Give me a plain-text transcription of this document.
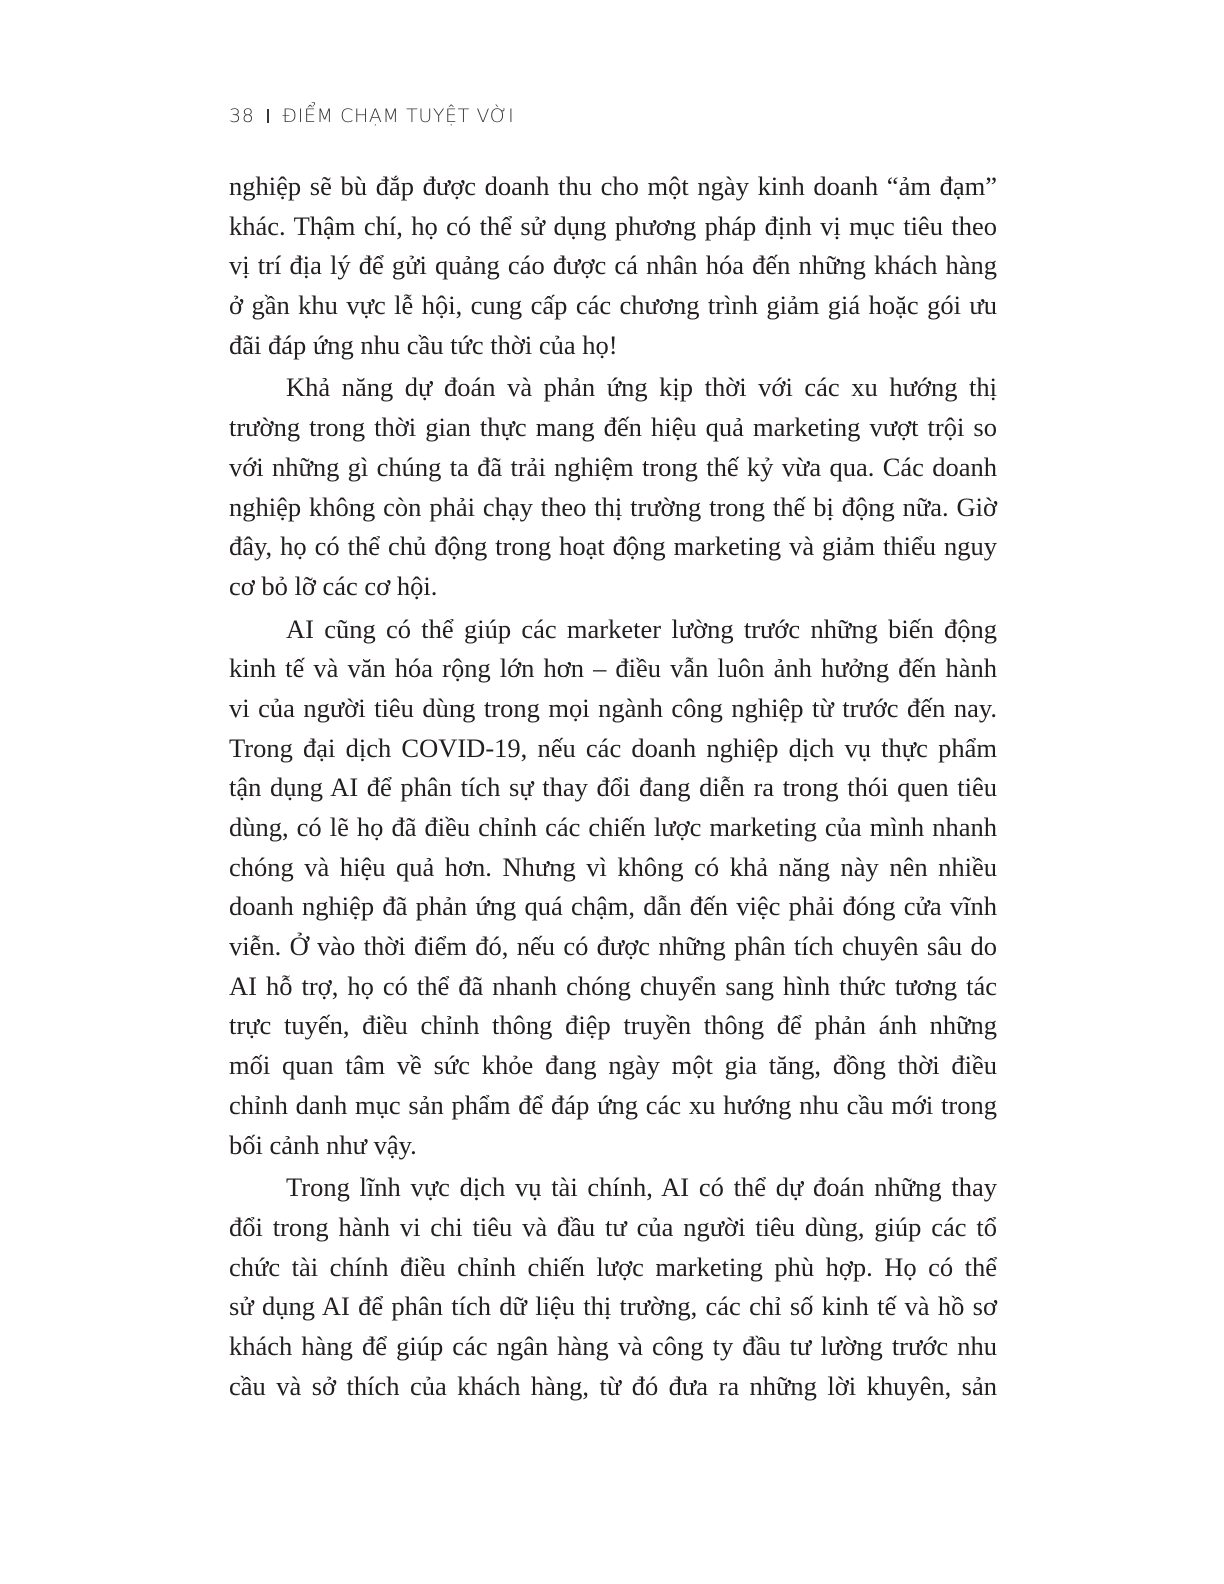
38 ĐIỂM CHẠM TUYỆT VỜI
nghiệp sẽ bù đắp được doanh thu cho một ngày kinh doanh “ảm đạm”
khác. Thậm chí, họ có thể sử dụng phương pháp định vị mục tiêu theo
vị trí địa lý để gửi quảng cáo được cá nhân hóa đến những khách hàng
ở gần khu vực lễ hội, cung cấp các chương trình giảm giá hoặc gói ưu
đãi đáp ứng nhu cầu tức thời của họ!
Khả năng dự đoán và phản ứng kịp thời với các xu hướng thị
trường trong thời gian thực mang đến hiệu quả marketing vượt trội so
với những gì chúng ta đã trải nghiệm trong thế kỷ vừa qua. Các doanh
nghiệp không còn phải chạy theo thị trường trong thế bị động nữa. Giờ
đây, họ có thể chủ động trong hoạt động marketing và giảm thiểu nguy
cơ bỏ lỡ các cơ hội.
AI cũng có thể giúp các marketer lường trước những biến động
kinh tế và văn hóa rộng lớn hơn – điều vẫn luôn ảnh hưởng đến hành
vi của người tiêu dùng trong mọi ngành công nghiệp từ trước đến nay.
Trong đại dịch COVID-19, nếu các doanh nghiệp dịch vụ thực phẩm
tận dụng AI để phân tích sự thay đổi đang diễn ra trong thói quen tiêu
dùng, có lẽ họ đã điều chỉnh các chiến lược marketing của mình nhanh
chóng và hiệu quả hơn. Nhưng vì không có khả năng này nên nhiều
doanh nghiệp đã phản ứng quá chậm, dẫn đến việc phải đóng cửa vĩnh
viễn. Ở vào thời điểm đó, nếu có được những phân tích chuyên sâu do
AI hỗ trợ, họ có thể đã nhanh chóng chuyển sang hình thức tương tác
trực tuyến, điều chỉnh thông điệp truyền thông để phản ánh những
mối quan tâm về sức khỏe đang ngày một gia tăng, đồng thời điều
chỉnh danh mục sản phẩm để đáp ứng các xu hướng nhu cầu mới trong
bối cảnh như vậy.
Trong lĩnh vực dịch vụ tài chính, AI có thể dự đoán những thay
đổi trong hành vi chi tiêu và đầu tư của người tiêu dùng, giúp các tổ
chức tài chính điều chỉnh chiến lược marketing phù hợp. Họ có thể
sử dụng AI để phân tích dữ liệu thị trường, các chỉ số kinh tế và hồ sơ
khách hàng để giúp các ngân hàng và công ty đầu tư lường trước nhu
cầu và sở thích của khách hàng, từ đó đưa ra những lời khuyên, sản
